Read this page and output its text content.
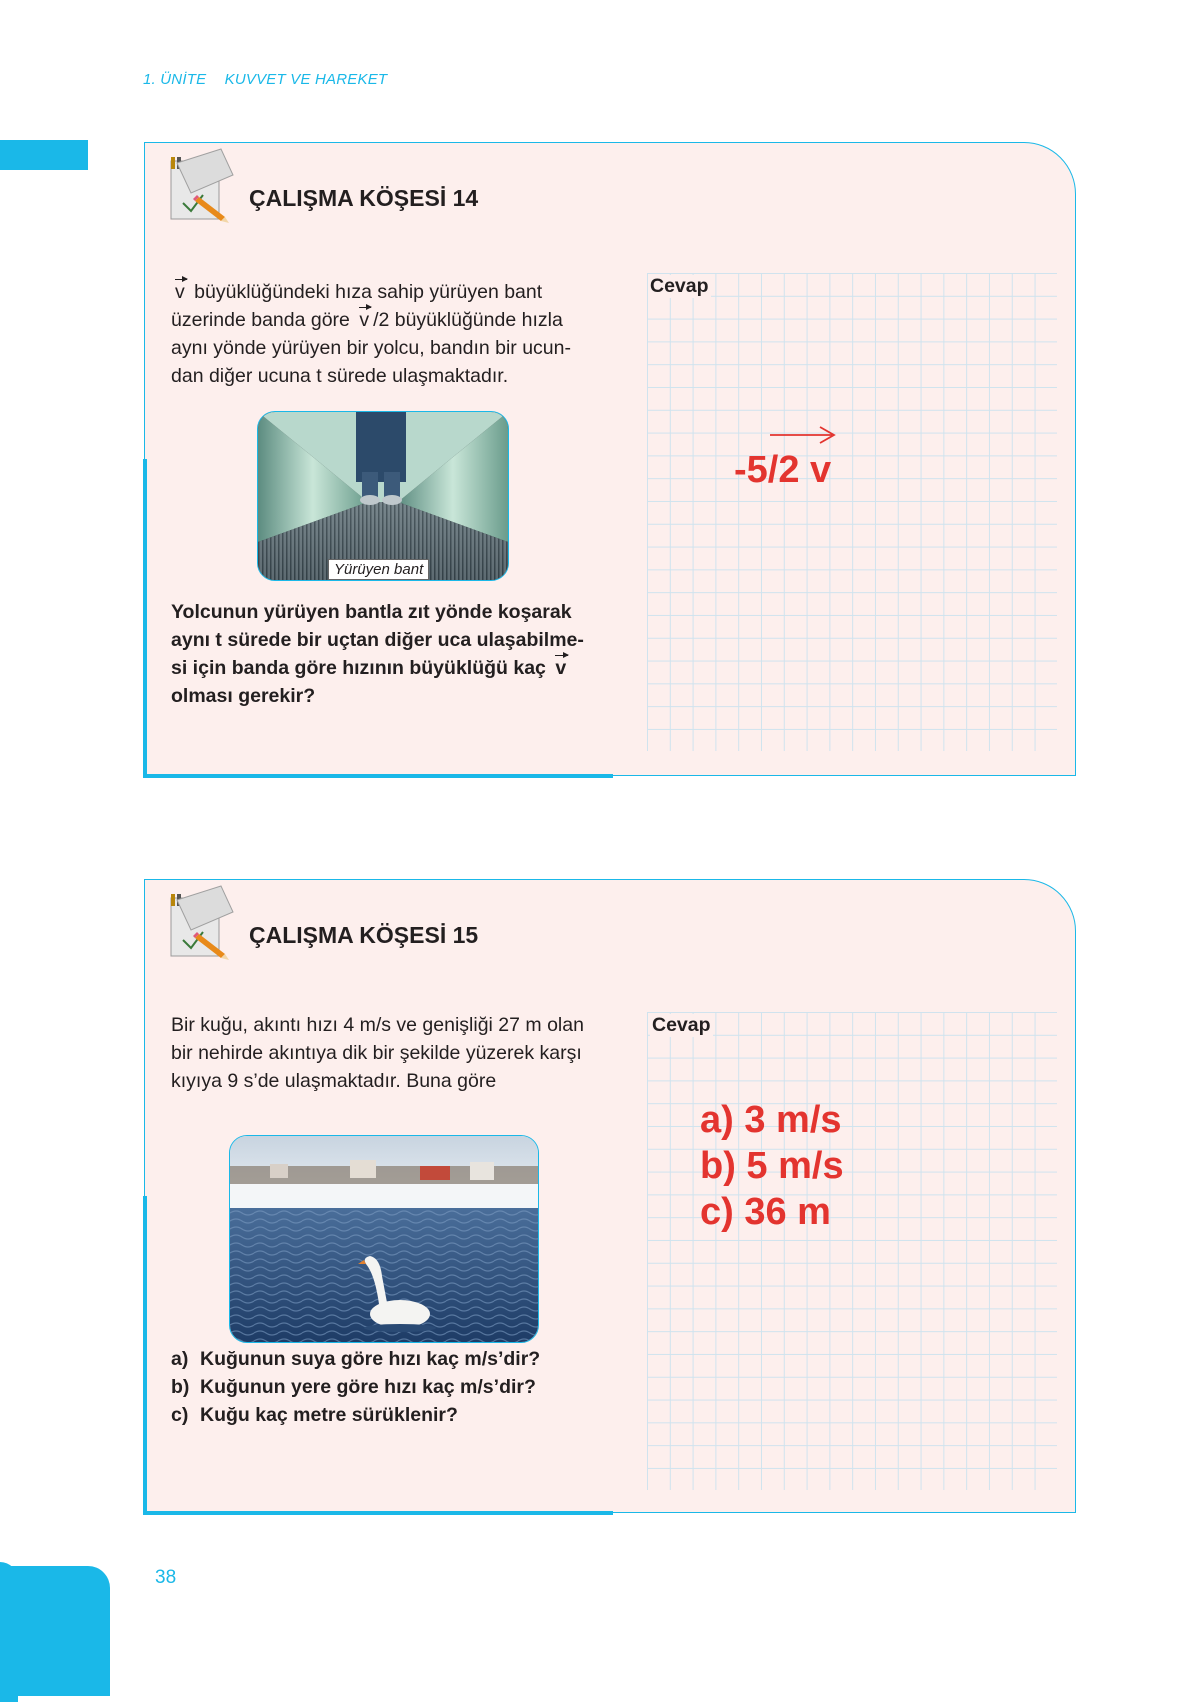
1. ÜNİTE KUVVET VE HAREKET
ÇALIŞMA KÖŞESİ 14
v büyüklüğündeki hıza sahip yürüyen bant
üzerinde banda göre v /2 büyüklüğünde hızla
aynı yönde yürüyen bir yolcu, bandın bir ucun-
dan diğer ucuna t sürede ulaşmaktadır.
Yürüyen bant
Yolcunun yürüyen bantla zıt yönde koşarak
aynı t sürede bir uçtan diğer uca ulaşabilme-
si için banda göre hızının büyüklüğü kaç v
olması gerekir?
Cevap
-5/2 v
ÇALIŞMA KÖŞESİ 15
Bir kuğu, akıntı hızı 4 m/s ve genişliği 27 m olan
bir nehirde akıntıya dik bir şekilde yüzerek karşı
kıyıya 9 s’de ulaşmaktadır. Buna göre
a) Kuğunun suya göre hızı kaç m/s’dir?
b) Kuğunun yere göre hızı kaç m/s’dir?
c) Kuğu kaç metre sürüklenir?
Cevap
a) 3 m/s
b) 5 m/s
c) 36 m
38
